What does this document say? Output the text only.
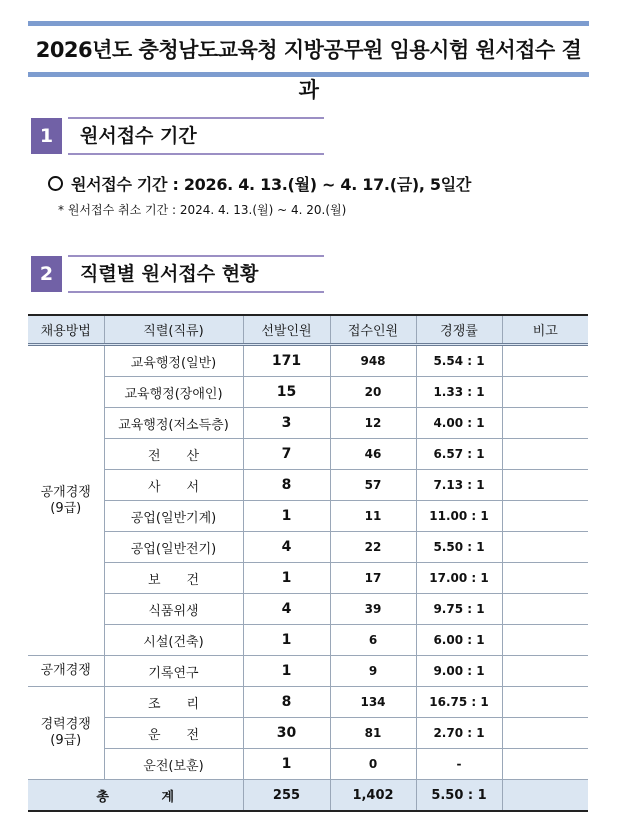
2026년도 충청남도교육청 지방공무원 임용시험 원서접수 결과
1	원서접수 기간
원서접수 기간 : 2026. 4. 13.(월) ~ 4. 17.(금), 5일간
* 원서접수 취소 기간 : 2024. 4. 13.(월) ~ 4. 20.(월)
2	직렬별 원서접수 현황
채용방법	직렬(직류)	선발인원	접수인원	경쟁률	비고
공개경쟁
(9급)	교육행정(일반)	171	948	5.54 : 1	
	교육행정(장애인)	15	20	1.33 : 1	
	교육행정(저소득층)	3	12	4.00 : 1	
	전　　산	7	46	6.57 : 1	
	사　　서	8	57	7.13 : 1	
	공업(일반기계)	1	11	11.00 : 1	
	공업(일반전기)	4	22	5.50 : 1	
	보　　건	1	17	17.00 : 1	
	식품위생	4	39	9.75 : 1	
	시설(건축)	1	6	6.00 : 1	
공개경쟁	기록연구	1	9	9.00 : 1	
경력경쟁
(9급)	조　　리	8	134	16.75 : 1	
	운　　전	30	81	2.70 : 1	
	운전(보훈)	1	0	-	
총 계		255	1,402	5.50 : 1	
